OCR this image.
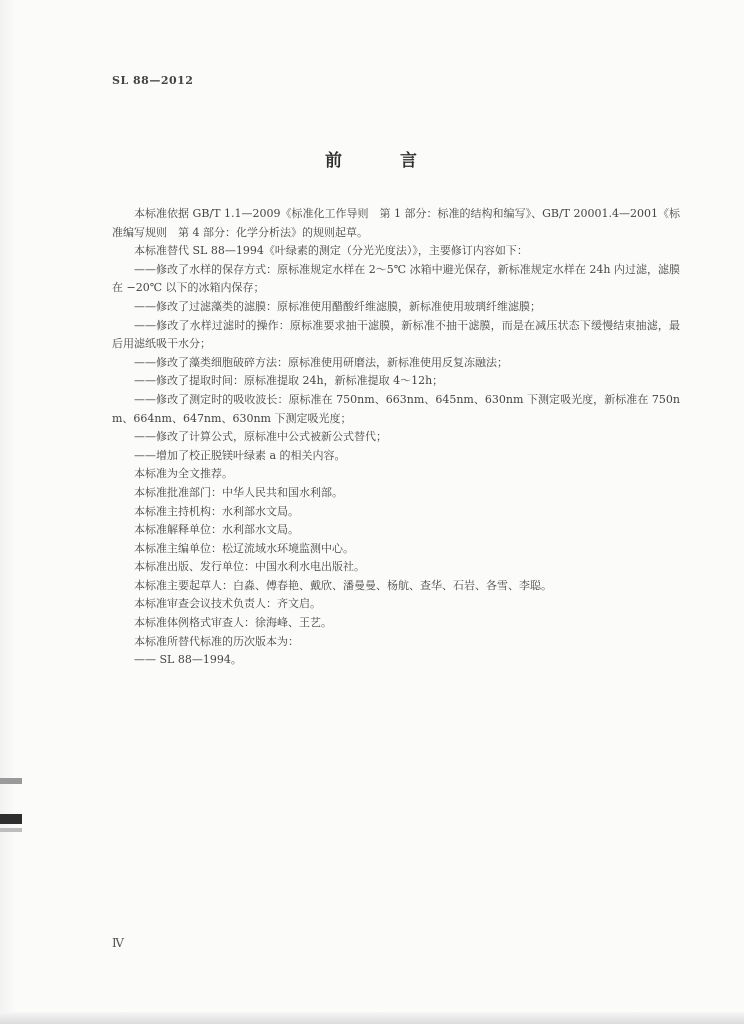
SL 88—2012
前 言

本标准依据 GB/T 1.1—2009《标准化工作导则　第 1 部分：标准的结构和编写》、GB/T 20001.4—2001《标准编写规则　第 4 部分：化学分析法》的规则起草。

本标准替代 SL 88—1994《叶绿素的测定（分光光度法）》，主要修订内容如下：

——修改了水样的保存方式：原标准规定水样在 2～5℃ 冰箱中避光保存，新标准规定水样在 24h 内过滤，滤膜在 −20℃ 以下的冰箱内保存；

——修改了过滤藻类的滤膜：原标准使用醋酸纤维滤膜，新标准使用玻璃纤维滤膜；

——修改了水样过滤时的操作：原标准要求抽干滤膜，新标准不抽干滤膜，而是在减压状态下缓慢结束抽滤，最后用滤纸吸干水分；

——修改了藻类细胞破碎方法：原标准使用研磨法，新标准使用反复冻融法；

——修改了提取时间：原标准提取 24h，新标准提取 4～12h；

——修改了测定时的吸收波长：原标准在 750nm、663nm、645nm、630nm 下测定吸光度，新标准在 750nm、664nm、647nm、630nm 下测定吸光度；

——修改了计算公式，原标准中公式被新公式替代；

——增加了校正脱镁叶绿素 a 的相关内容。

本标准为全文推荐。

本标准批准部门：中华人民共和国水利部。

本标准主持机构：水利部水文局。

本标准解释单位：水利部水文局。

本标准主编单位：松辽流域水环境监测中心。

本标准出版、发行单位：中国水利水电出版社。

本标准主要起草人：白淼、傅春艳、戴欣、潘曼曼、杨航、查华、石岩、各雪、李聪。

本标准审查会议技术负责人：齐文启。

本标准体例格式审查人：徐海峰、王艺。

本标准所替代标准的历次版本为：

—— SL 88—1994。

Ⅳ
